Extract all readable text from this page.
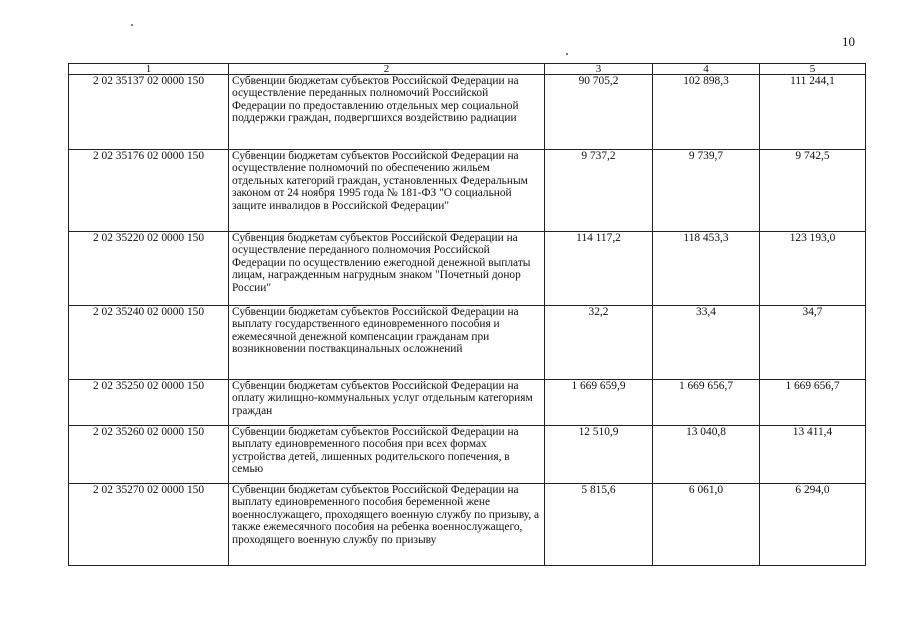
10
1	2	3	4	5
2 02 35137 02 0000 150	Субвенции бюджетам субъектов Российской Федерации на осуществление переданных полномочий Российской Федерации по предоставлению отдельных мер социальной поддержки граждан, подвергшихся воздействию радиации	90 705,2	102 898,3	111 244,1
2 02 35176 02 0000 150	Субвенции бюджетам субъектов Российской Федерации на осуществление полномочий по обеспечению жильем отдельных категорий граждан, установленных Федеральным законом от 24 ноября 1995 года № 181-ФЗ "О социальной защите инвалидов в Российской Федерации"	9 737,2	9 739,7	9 742,5
2 02 35220 02 0000 150	Субвенция бюджетам субъектов Российской Федерации на осуществление переданного полномочия Российской Федерации по осуществлению ежегодной денежной выплаты лицам, награжденным нагрудным знаком "Почетный донор России"	114 117,2	118 453,3	123 193,0
2 02 35240 02 0000 150	Субвенции бюджетам субъектов Российской Федерации на выплату государственного единовременного пособия и ежемесячной денежной компенсации гражданам при возникновении поствакцинальных осложнений	32,2	33,4	34,7
2 02 35250 02 0000 150	Субвенции бюджетам субъектов Российской Федерации на оплату жилищно-коммунальных услуг отдельным категориям граждан	1 669 659,9	1 669 656,7	1 669 656,7
2 02 35260 02 0000 150	Субвенции бюджетам субъектов Российской Федерации на выплату единовременного пособия при всех формах устройства детей, лишенных родительского попечения, в семью	12 510,9	13 040,8	13 411,4
2 02 35270 02 0000 150	Субвенции бюджетам субъектов Российской Федерации на выплату единовременного пособия беременной жене военнослужащего, проходящего военную службу по призыву, а также ежемесячного пособия на ребенка военнослужащего, проходящего военную службу по призыву	5 815,6	6 061,0	6 294,0
